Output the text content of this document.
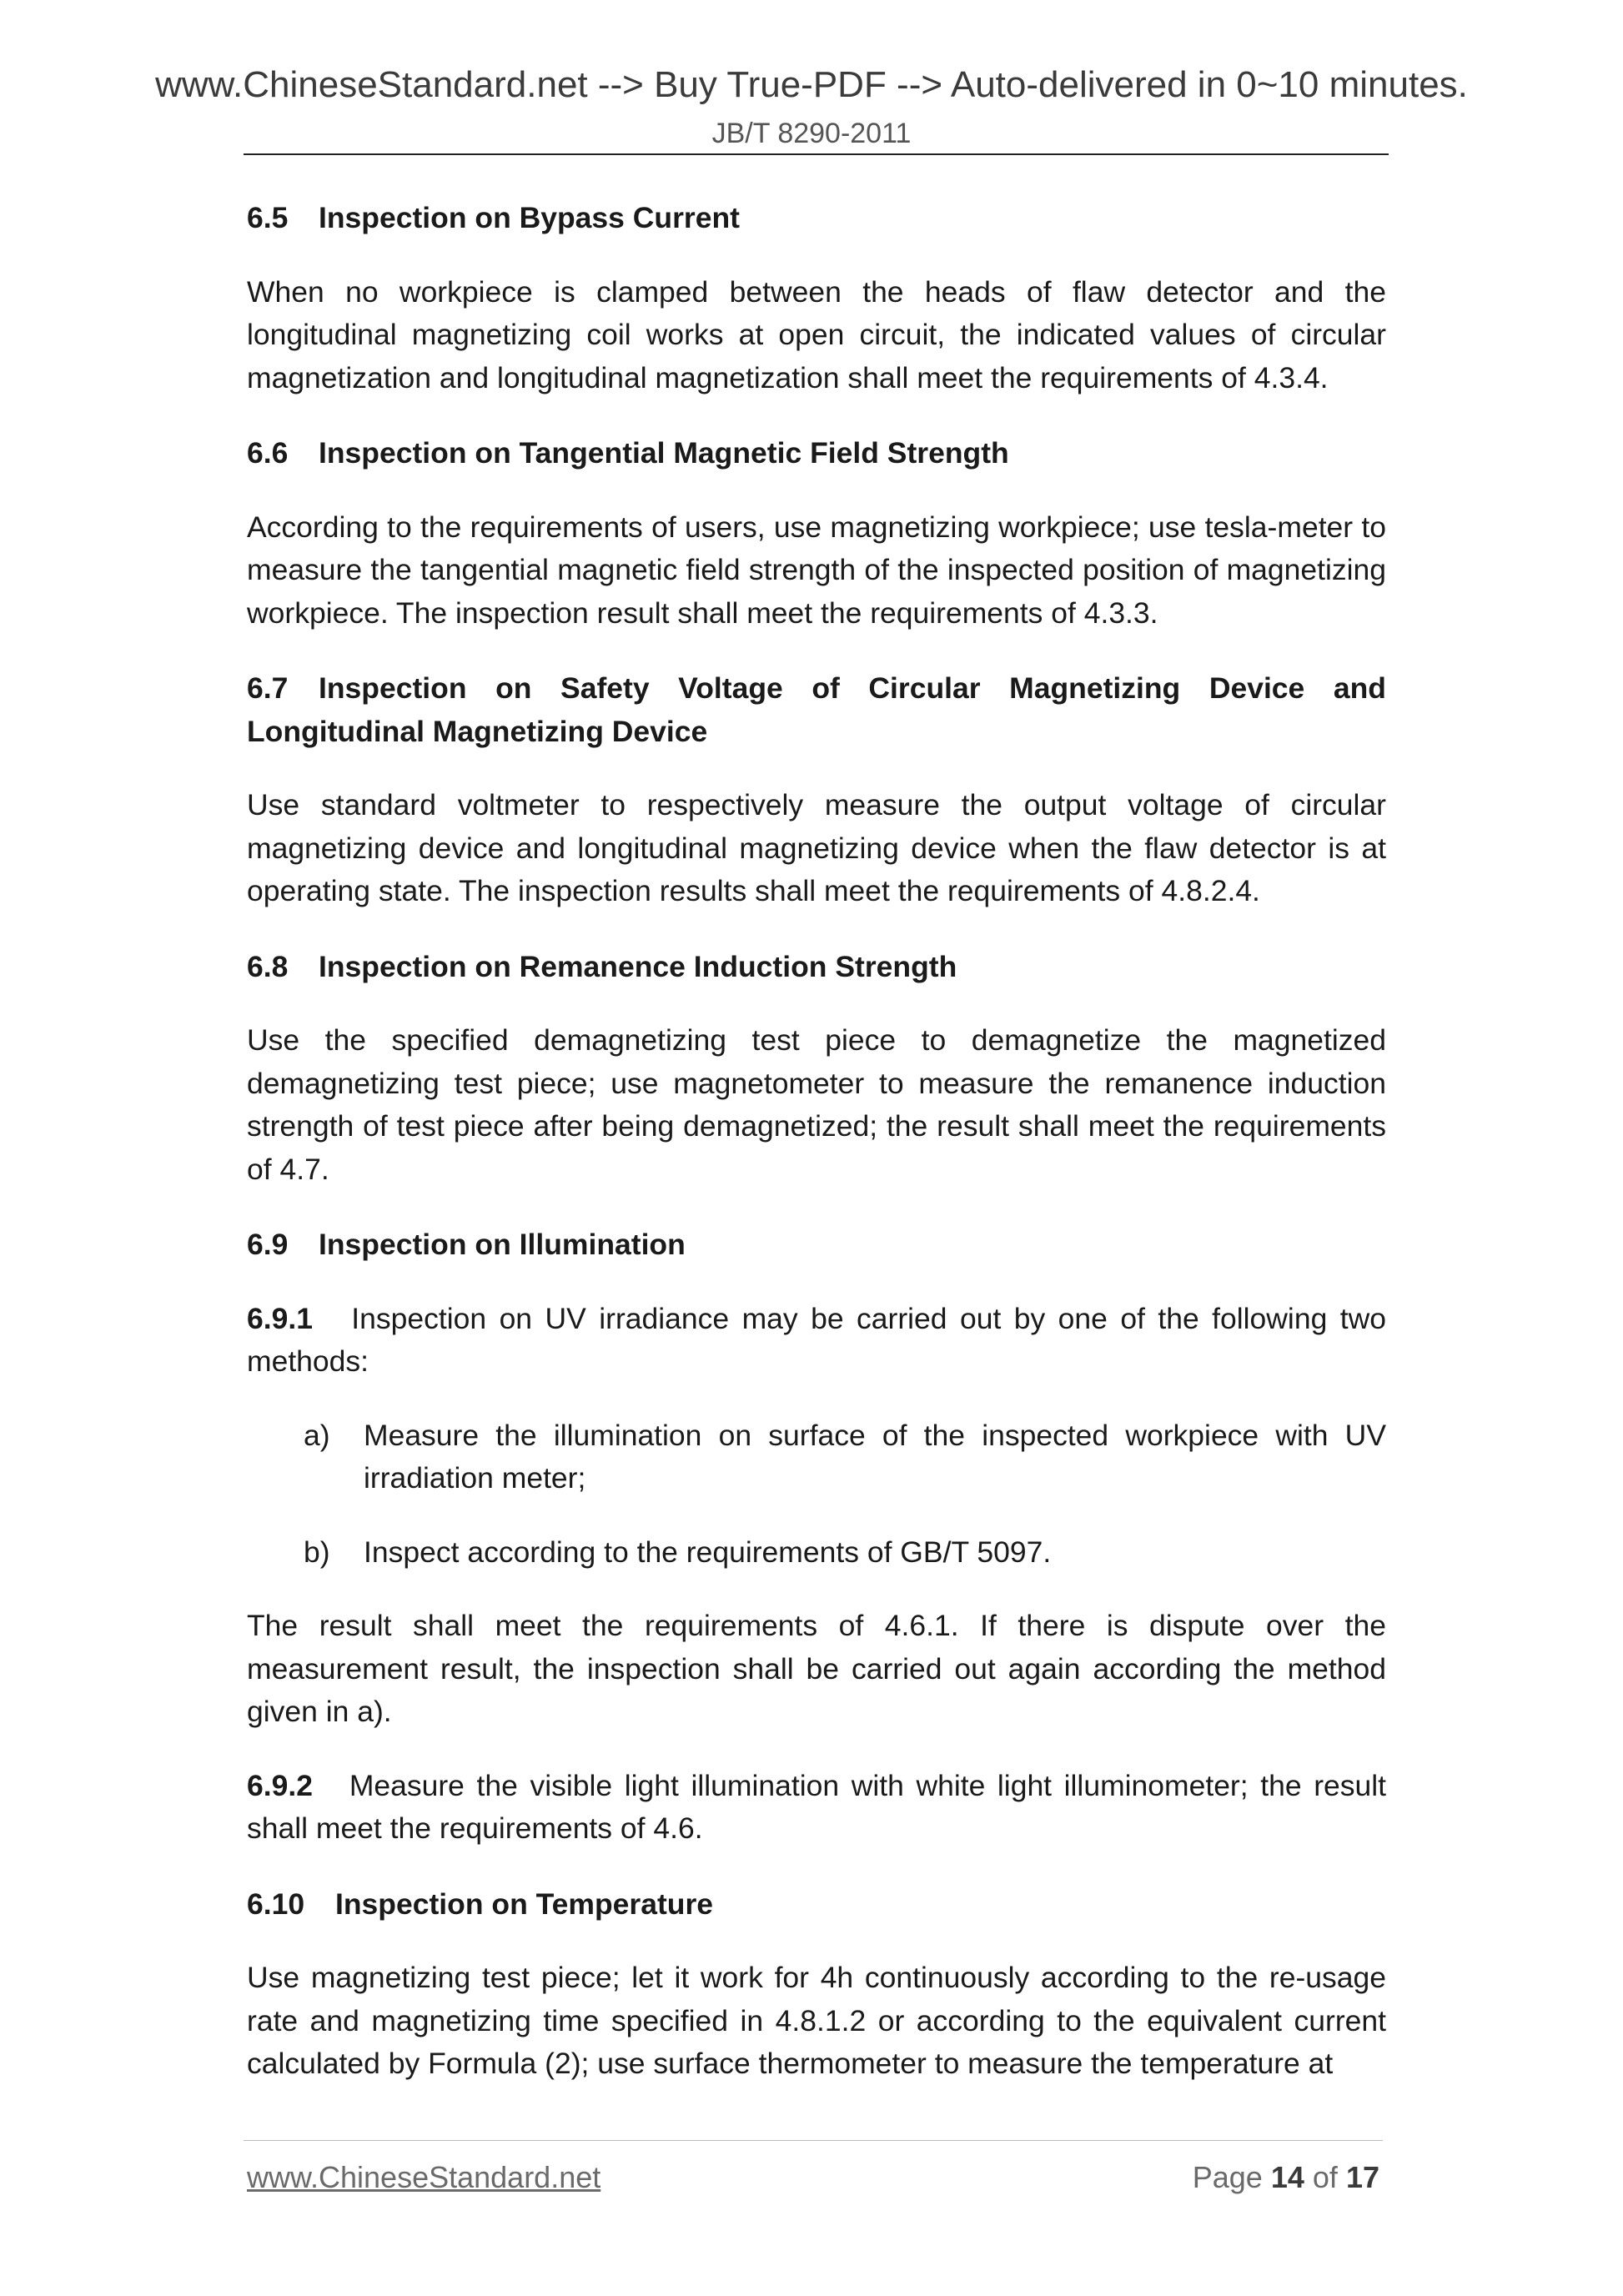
www.ChineseStandard.net --> Buy True-PDF --> Auto-delivered in 0~10 minutes.
JB/T 8290-2011
6.5 Inspection on Bypass Current

When no workpiece is clamped between the heads of flaw detector and the longitudinal magnetizing coil works at open circuit, the indicated values of circular magnetization and longitudinal magnetization shall meet the requirements of 4.3.4.

6.6 Inspection on Tangential Magnetic Field Strength

According to the requirements of users, use magnetizing workpiece; use tesla-meter to measure the tangential magnetic field strength of the inspected position of magnetizing workpiece. The inspection result shall meet the requirements of 4.3.3.

6.7 Inspection on Safety Voltage of Circular Magnetizing Device and Longitudinal Magnetizing Device

Use standard voltmeter to respectively measure the output voltage of circular magnetizing device and longitudinal magnetizing device when the flaw detector is at operating state. The inspection results shall meet the requirements of 4.8.2.4.

6.8 Inspection on Remanence Induction Strength

Use the specified demagnetizing test piece to demagnetize the magnetized demagnetizing test piece; use magnetometer to measure the remanence induction strength of test piece after being demagnetized; the result shall meet the requirements of 4.7.

6.9 Inspection on Illumination

6.9.1 Inspection on UV irradiance may be carried out by one of the following two methods:

a) Measure the illumination on surface of the inspected workpiece with UV irradiation meter;

b) Inspect according to the requirements of GB/T 5097.

The result shall meet the requirements of 4.6.1. If there is dispute over the measurement result, the inspection shall be carried out again according the method given in a).

6.9.2 Measure the visible light illumination with white light illuminometer; the result shall meet the requirements of 4.6.

6.10 Inspection on Temperature

Use magnetizing test piece; let it work for 4h continuously according to the re-usage rate and magnetizing time specified in 4.8.1.2 or according to the equivalent current calculated by Formula (2); use surface thermometer to measure the temperature at

www.ChineseStandard.net	Page 14 of 17
